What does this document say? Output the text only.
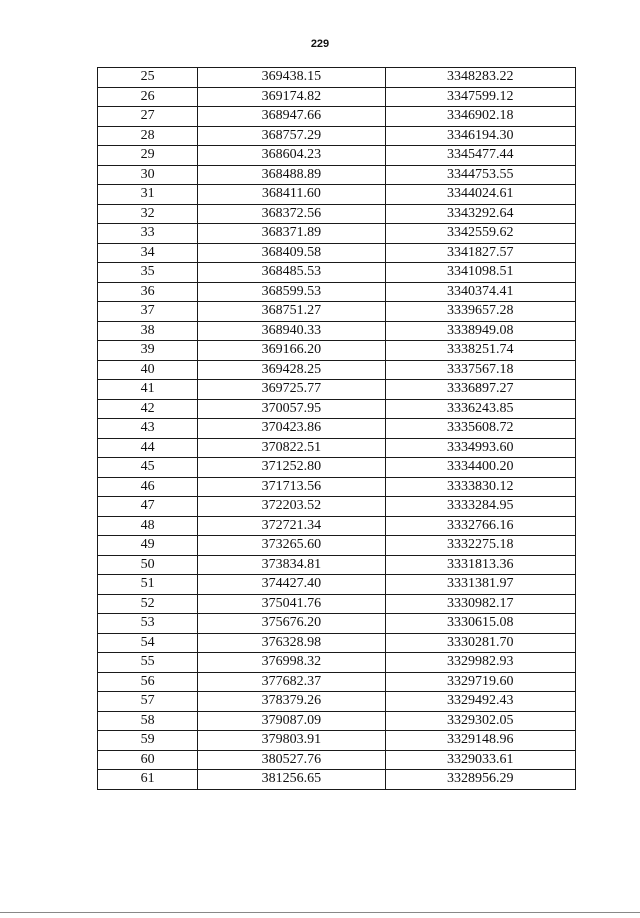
229
25	369438.15	3348283.22
26	369174.82	3347599.12
27	368947.66	3346902.18
28	368757.29	3346194.30
29	368604.23	3345477.44
30	368488.89	3344753.55
31	368411.60	3344024.61
32	368372.56	3343292.64
33	368371.89	3342559.62
34	368409.58	3341827.57
35	368485.53	3341098.51
36	368599.53	3340374.41
37	368751.27	3339657.28
38	368940.33	3338949.08
39	369166.20	3338251.74
40	369428.25	3337567.18
41	369725.77	3336897.27
42	370057.95	3336243.85
43	370423.86	3335608.72
44	370822.51	3334993.60
45	371252.80	3334400.20
46	371713.56	3333830.12
47	372203.52	3333284.95
48	372721.34	3332766.16
49	373265.60	3332275.18
50	373834.81	3331813.36
51	374427.40	3331381.97
52	375041.76	3330982.17
53	375676.20	3330615.08
54	376328.98	3330281.70
55	376998.32	3329982.93
56	377682.37	3329719.60
57	378379.26	3329492.43
58	379087.09	3329302.05
59	379803.91	3329148.96
60	380527.76	3329033.61
61	381256.65	3328956.29
